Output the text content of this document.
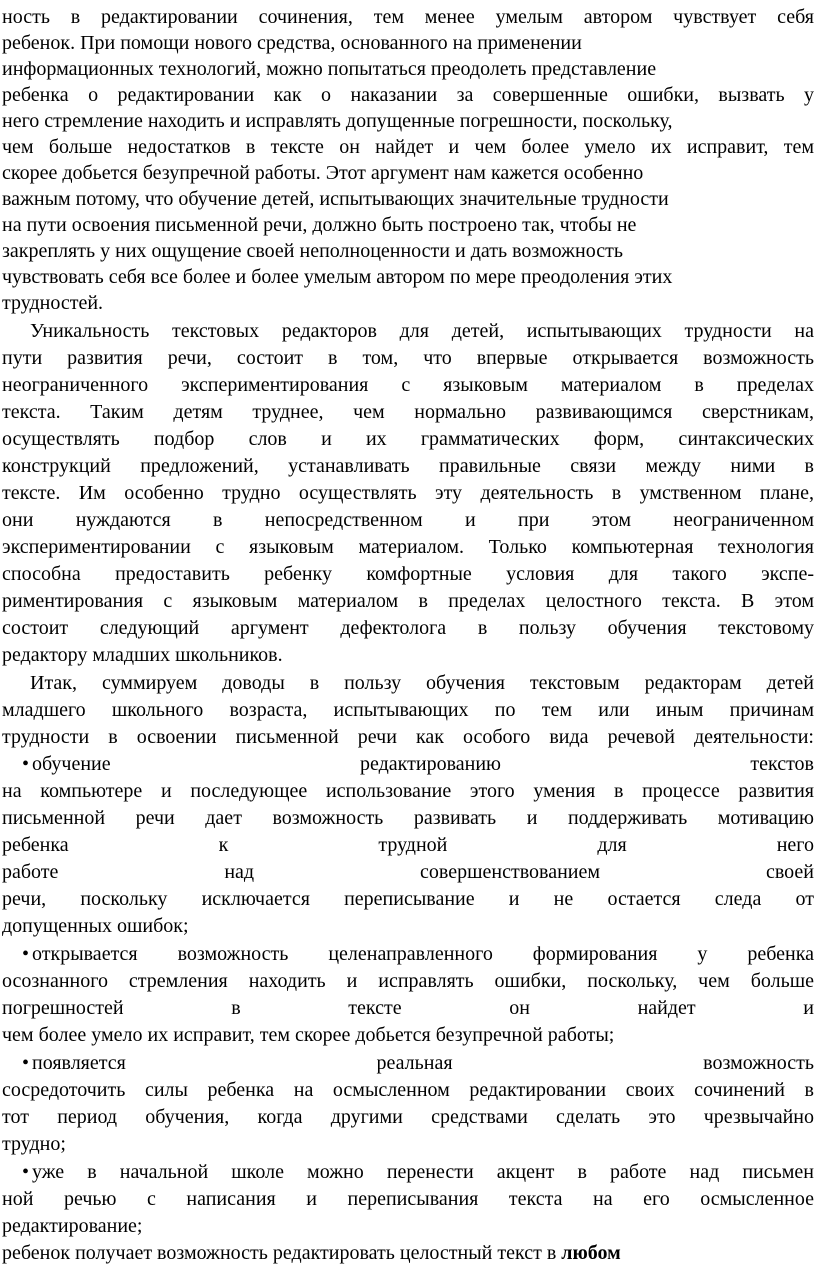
ность в редактировании сочинения, тем менее умелым автором чувствует себя
ребенок. При помощи нового средства, основанного на применении
информационных технологий, можно попытаться преодолеть представление
ребенка о редактировании как о наказании за совершенные ошибки, вызвать у
него стремление находить и исправлять допущенные погрешности, поскольку,
чем больше недостатков в тексте он найдет и чем более умело их исправит, тем
скорее добьется безупречной работы. Этот аргумент нам кажется особенно
важным потому, что обучение детей, испытывающих значительные трудности
на пути освоения письменной речи, должно быть построено так, чтобы не
закреплять у них ощущение своей неполноценности и дать возможность
чувствовать себя все более и более умелым автором по мере преодоления этих
трудностей.
Уникальность текстовых редакторов для детей, испытывающих трудности на
пути развития речи, состоит в том, что впервые открывается возможность
неограниченного экспериментирования с языковым материалом в пределах
текста. Таким детям труднее, чем нормально развивающимся сверстникам,
осуществлять подбор слов и их грамматических форм, синтаксических
конструкций предложений, устанавливать правильные связи между ними в
тексте. Им особенно трудно осуществлять эту деятельность в умственном плане,
они нуждаются в непосредственном и при этом неограниченном
экспериментировании с языковым материалом. Только компьютерная технология
способна предоставить ребенку комфортные условия для такого экспе-
риментирования с языковым материалом в пределах целостного текста. В этом
состоит следующий аргумент дефектолога в пользу обучения текстовому
редактору младших школьников.
Итак, суммируем доводы в пользу обучения текстовым редакторам детей
младшего школьного возраста, испытывающих по тем или иным причинам
трудности в освоении письменной речи как особого вида речевой деятельности:
• обучение редактированию текстов
на компьютере и последующее использование этого умения в процессе развития
письменной речи дает возможность развивать и поддерживать мотивацию
ребенка к трудной для него
работе над совершенствованием своей
речи, поскольку исключается переписывание и не остается следа от
допущенных ошибок;
• открывается возможность целенаправленного формирования у ребенка
осознанного стремления находить и исправлять ошибки, поскольку, чем больше
погрешностей в тексте он найдет и
чем более умело их исправит, тем скорее добьется безупречной работы;
• появляется реальная возможность
сосредоточить силы ребенка на осмысленном редактировании своих сочинений в
тот период обучения, когда другими средствами сделать это чрезвычайно
трудно;
• уже в начальной школе можно перенести акцент в работе над письмен
ной речью с написания и переписывания текста на его осмысленное
редактирование;
ребенок получает возможность редактировать целостный текст в любом
